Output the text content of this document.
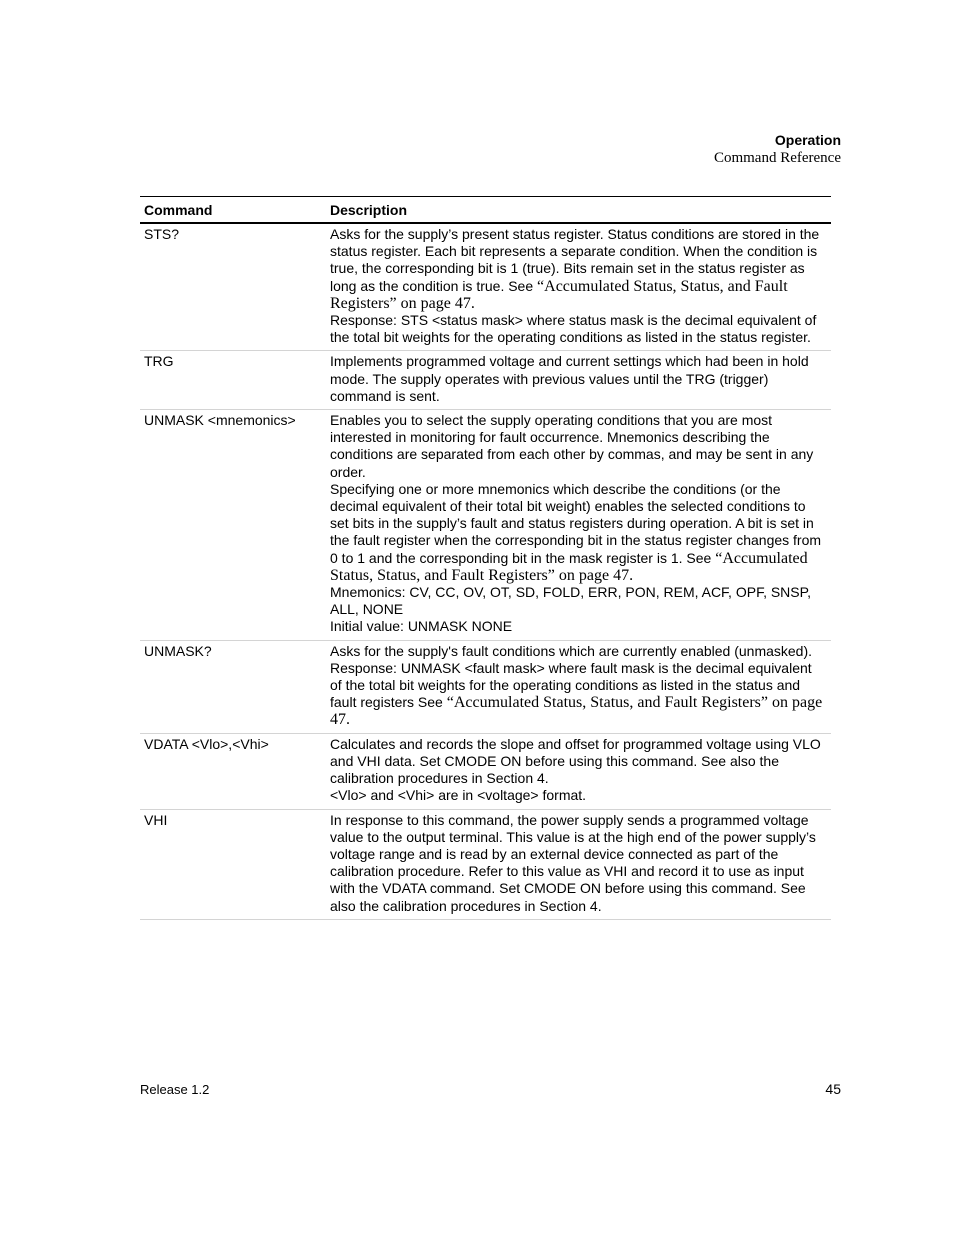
Operation
Command Reference
Command	Description
STS?	Asks for the supply’s present status register. Status conditions are stored in the status register. Each bit represents a separate condition. When the condition is true, the corresponding bit is 1 (true). Bits remain set in the status register as long as the condition is true. See “Accumulated Status, Status, and Fault Registers” on page 47.
Response: STS <status mask> where status mask is the decimal equivalent of the total bit weights for the operating conditions as listed in the status register.

TRG	Implements programmed voltage and current settings which had been in hold mode. The supply operates with previous values until the TRG (trigger) command is sent.

UNMASK <mnemonics>	Enables you to select the supply operating conditions that you are most interested in monitoring for fault occurrence. Mnemonics describing the conditions are separated from each other by commas, and may be sent in any order.
Specifying one or more mnemonics which describe the conditions (or the decimal equivalent of their total bit weight) enables the selected conditions to set bits in the supply’s fault and status registers during operation. A bit is set in the fault register when the corresponding bit in the status register changes from 0 to 1 and the corresponding bit in the mask register is 1. See “Accumulated Status, Status, and Fault Registers” on page 47.
Mnemonics: CV, CC, OV, OT, SD, FOLD, ERR, PON, REM, ACF, OPF, SNSP, ALL, NONE
Initial value: UNMASK NONE

UNMASK?	Asks for the supply's fault conditions which are currently enabled (unmasked).
Response: UNMASK <fault mask> where fault mask is the decimal equivalent of the total bit weights for the operating conditions as listed in the status and fault registers See “Accumulated Status, Status, and Fault Registers” on page 47.

VDATA <Vlo>,<Vhi>	Calculates and records the slope and offset for programmed voltage using VLO and VHI data. Set CMODE ON before using this command. See also the calibration procedures in Section 4.
<Vlo> and <Vhi> are in <voltage> format.

VHI	In response to this command, the power supply sends a programmed voltage value to the output terminal. This value is at the high end of the power supply’s voltage range and is read by an external device connected as part of the calibration procedure. Refer to this value as VHI and record it to use as input with the VDATA command. Set CMODE ON before using this command. See also the calibration procedures in Section 4.
Release 1.2	45
